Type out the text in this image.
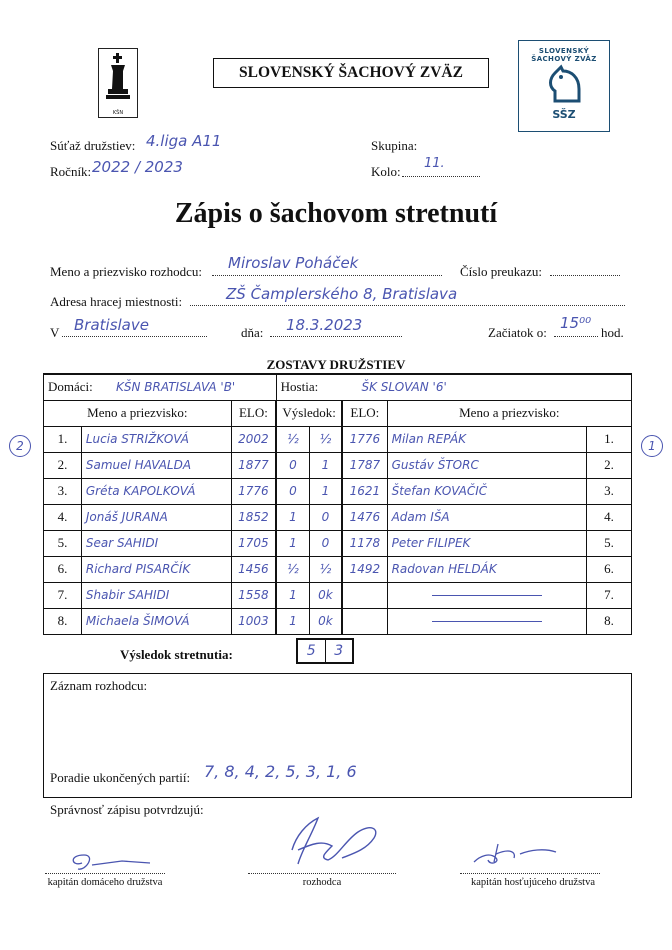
KŠN
SLOVENSKÝ ŠACHOVÝ ZVÄZ
SLOVENSKÝ ŠACHOVÝ ZVÄZ
SŠZ
Súťaž družstiev: 4.liga A11	Skupina:
Ročník: 2022 / 2023	Kolo:
11.
Zápis o šachovom stretnutí
Meno a priezvisko rozhodcu: Miroslav Poháček	Číslo preukazu:
Adresa hracej miestnosti:	ZŠ Čamplerského 8, Bratislava
V Bratislave	dňa: 18.3.2023	Začiatok o:
15⁰⁰
hod.
ZOSTAVY DRUŽSTIEV
2	1
Domáci: KŠN BRATISLAVA 'B'			Hostia: ŠK SLOVAN '6'				
Meno a priezvisko:		ELO:	Výsledok:		ELO:	Meno a priezvisko:	
1.	Lucia STRIŽKOVÁ	2002	½	½	1776	Milan REPÁK	1.
2.	Samuel HAVALDA	1877	0	1	1787	Gustáv ŠTORC	2.
3.	Gréta KAPOLKOVÁ	1776	0	1	1621	Štefan KOVAČIČ	3.
4.	Jonáš JURANA	1852	1	0	1476	Adam IŠA	4.
5.	Sear SAHIDI	1705	1	0	1178	Peter FILIPEK	5.
6.	Richard PISARČÍK	1456	½	½	1492	Radovan HELDÁK	6.
7.	Shabir SAHIDI	1558	1	0k			7.
8.	Michaela ŠIMOVÁ	1003	1	0k			8.
Výsledok stretnutia:	5	3
Záznam rozhodcu:
Poradie ukončených partií: 7, 8, 4, 2, 5, 3, 1, 6
Správnosť zápisu potvrdzujú:
kapitán domáceho družstva	rozhodca	kapitán hosťujúceho družstva
